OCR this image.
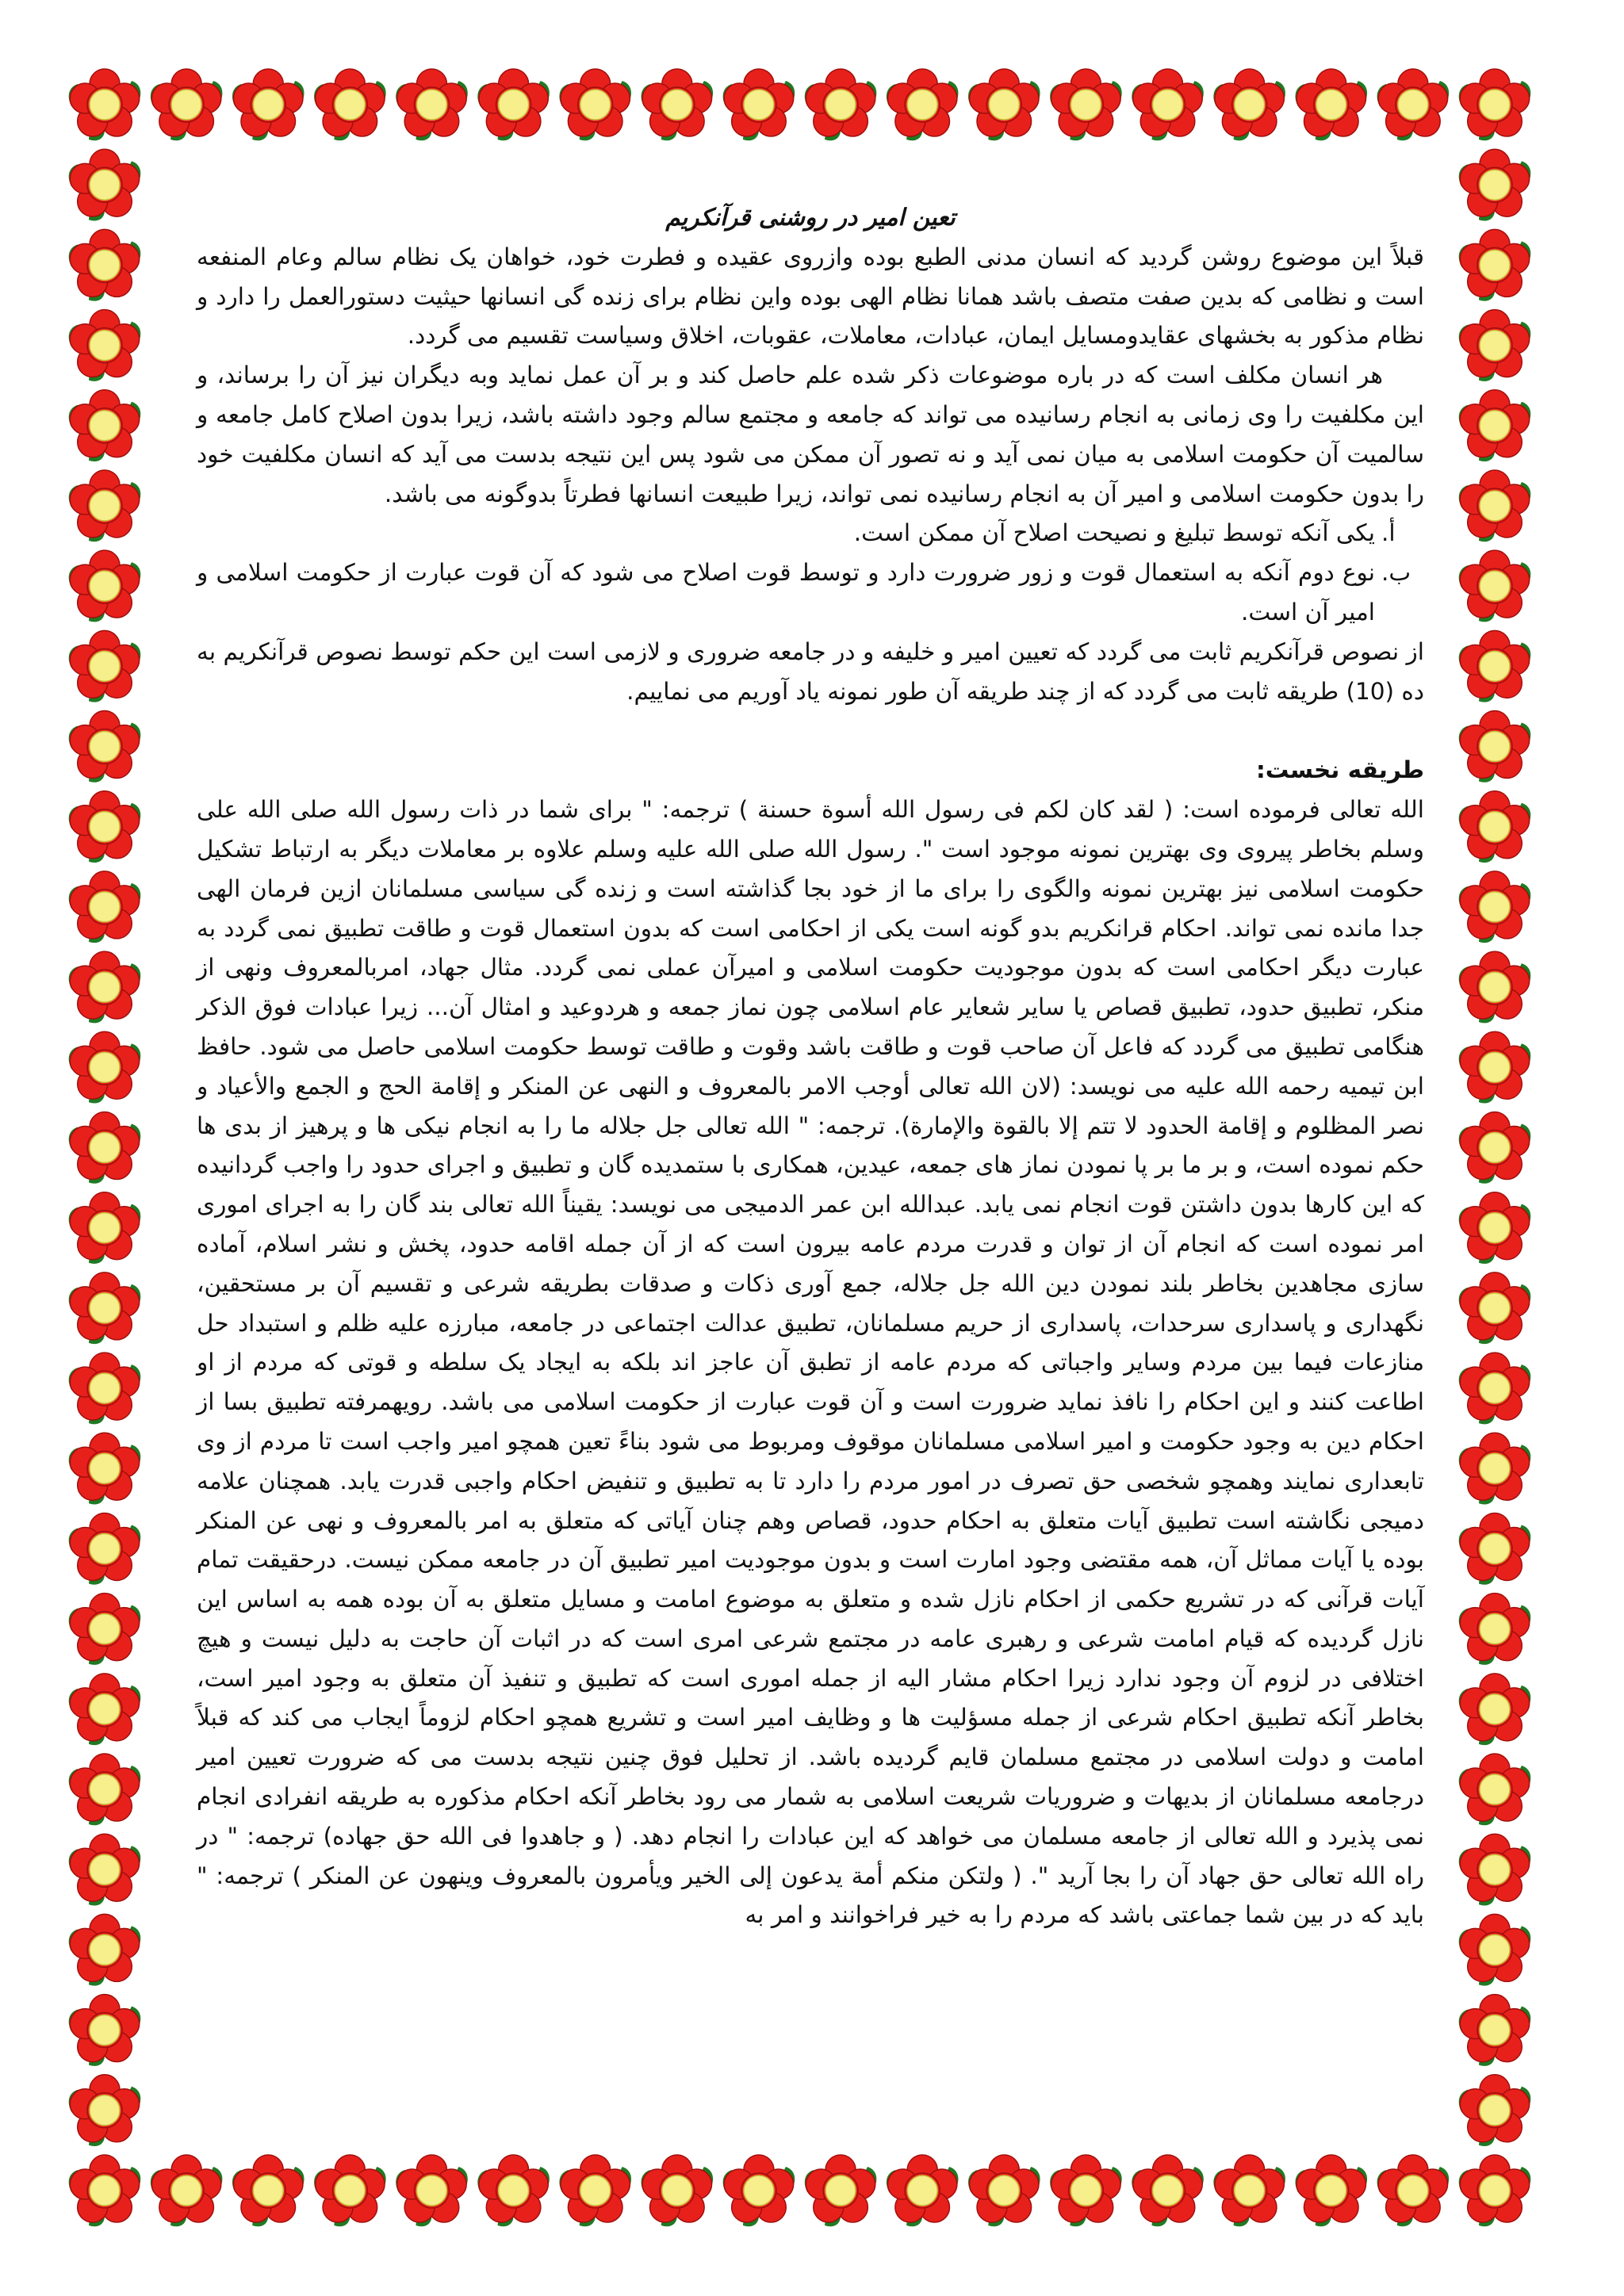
تعین امیر در روشنی قرآنکریم

قبلاً این موضوع روشن گردید که انسان مدنی الطبع بوده وازروی عقیده و فطرت خود، خواهان یک نظام سالم وعام المنفعه است و نظامی که بدین صفت متصف باشد همانا نظام الهی بوده واین نظام برای زنده گی انسانها حیثیت دستورالعمل را دارد و نظام مذکور به بخشهای عقایدومسایل ایمان، عبادات، معاملات، عقوبات، اخلاق وسیاست تقسیم می گردد.

هر انسان مکلف است که در باره موضوعات ذکر شده علم حاصل کند و بر آن عمل نماید وبه دیگران نیز آن را برساند، و این مکلفیت را وی زمانی به انجام رسانیده می تواند که جامعه و مجتمع سالم وجود داشته باشد، زیرا بدون اصلاح کامل جامعه و سالمیت آن حکومت اسلامی به میان نمی آید و نه تصور آن ممکن می شود پس این نتیجه بدست می آید که انسان مکلفیت خود را بدون حکومت اسلامی و امیر آن به انجام رسانیده نمی تواند، زیرا طبیعت انسانها فطرتاً بدوگونه می باشد.

أ.
یکی آنکه توسط تبلیغ و نصیحت اصلاح آن ممکن است.
ب.
نوع دوم آنکه به استعمال قوت و زور ضرورت دارد و توسط قوت اصلاح می شود که آن قوت عبارت از حکومت اسلامی و امیر آن است.

از نصوص قرآنکریم ثابت می گردد که تعیین امیر و خلیفه و در جامعه ضروری و لازمی است این حکم توسط نصوص قرآنکریم به ده (10) طریقه ثابت می گردد که از چند طریقه آن طور نمونه یاد آوریم می نماییم.

طریقه نخست:

الله تعالی فرموده است: ( لقد کان لکم فی رسول الله أسوة حسنة ) ترجمه: " برای شما در ذات رسول الله صلی الله علی وسلم بخاطر پیروی وی بهترین نمونه موجود است ". رسول الله صلی الله علیه وسلم علاوه بر معاملات دیگر به ارتباط تشکیل حکومت اسلامی نیز بهترین نمونه والگوی را برای ما از خود بجا گذاشته است و زنده گی سیاسی مسلمانان ازین فرمان الهی جدا مانده نمی تواند. احکام قرانکریم بدو گونه است یکی از احکامی است که بدون استعمال قوت و طاقت تطبیق نمی گردد به عبارت دیگر احکامی است که بدون موجودیت حکومت اسلامی و امیرآن عملی نمی گردد. مثال جهاد، امربالمعروف ونهی از منکر، تطبیق حدود، تطبیق قصاص یا سایر شعایر عام اسلامی چون نماز جمعه و هردوعید و امثال آن... زیرا عبادات فوق الذکر هنگامی تطبیق می گردد که فاعل آن صاحب قوت و طاقت باشد وقوت و طاقت توسط حکومت اسلامی حاصل می شود. حافظ ابن تیمیه رحمه الله علیه می نویسد: (لان الله تعالی أوجب الامر بالمعروف و النهی عن المنکر و إقامة الحج و الجمع والأعیاد و نصر المظلوم و إقامة الحدود لا تتم إلا بالقوة والإمارة). ترجمه: " الله تعالی جل جلاله ما را به انجام نیکی ها و پرهیز از بدی ها حکم نموده است، و بر ما بر پا نمودن نماز های جمعه، عیدین، همکاری با ستمدیده گان و تطبیق و اجرای حدود را واجب گردانیده که این کارها بدون داشتن قوت انجام نمی یابد. عبدالله ابن عمر الدمیجی می نویسد: یقیناً الله تعالی بند گان را به اجرای اموری امر نموده است که انجام آن از توان و قدرت مردم عامه بیرون است که از آن جمله اقامه حدود، پخش و نشر اسلام، آماده سازی مجاهدین بخاطر بلند نمودن دین الله جل جلاله، جمع آوری ذکات و صدقات بطریقه شرعی و تقسیم آن بر مستحقین، نگهداری و پاسداری سرحدات، پاسداری از حریم مسلمانان، تطبیق عدالت اجتماعی در جامعه، مبارزه علیه ظلم و استبداد حل منازعات فیما بین مردم وسایر واجباتی که مردم عامه از تطبق آن عاجز اند بلکه به ایجاد یک سلطه و قوتی که مردم از او اطاعت کنند و این احکام را نافذ نماید ضرورت است و آن قوت عبارت از حکومت اسلامی می باشد. رویهمرفته تطبیق بسا از احکام دین به وجود حکومت و امیر اسلامی مسلمانان موقوف ومربوط می شود بناءً تعین همچو امیر واجب است تا مردم از وی تابعداری نمایند وهمچو شخصی حق تصرف در امور مردم را دارد تا به تطبیق و تنفیض احکام واجبی قدرت یابد. همچنان علامه دمیجی نگاشته است تطبیق آیات متعلق به احکام حدود، قصاص وهم چنان آیاتی که متعلق به امر بالمعروف و نهی عن المنکر بوده یا آیات مماثل آن، همه مقتضی وجود امارت است و بدون موجودیت امیر تطبیق آن در جامعه ممکن نیست. درحقیقت تمام آیات قرآنی که در تشریع حکمی از احکام نازل شده و متعلق به موضوع امامت و مسایل متعلق به آن بوده همه به اساس این نازل گردیده که قیام امامت شرعی و رهبری عامه در مجتمع شرعی امری است که در اثبات آن حاجت به دلیل نیست و هیچ اختلافی در لزوم آن وجود ندارد زیرا احکام مشار الیه از جمله اموری است که تطبیق و تنفیذ آن متعلق به وجود امیر است، بخاطر آنکه تطبیق احکام شرعی از جمله مسؤلیت ها و وظایف امیر است و تشریع همچو احکام لزوماً ایجاب می کند که قبلاً امامت و دولت اسلامی در مجتمع مسلمان قایم گردیده باشد. از تحلیل فوق چنین نتیجه بدست می که ضرورت تعیین امیر درجامعه مسلمانان از بدیهات و ضروریات شریعت اسلامی به شمار می رود بخاطر آنکه احکام مذکوره به طریقه انفرادی انجام نمی پذیرد و الله تعالی از جامعه مسلمان می خواهد که این عبادات را انجام دهد. ( و جاهدوا فی الله حق جهاده) ترجمه: " در راه الله تعالی حق جهاد آن را بجا آرید ". ( ولتکن منکم أمة یدعون إلی الخیر ویأمرون بالمعروف وینهون عن المنکر ) ترجمه: " باید که در بین شما جماعتی باشد که مردم را به خیر فراخوانند و امر به
